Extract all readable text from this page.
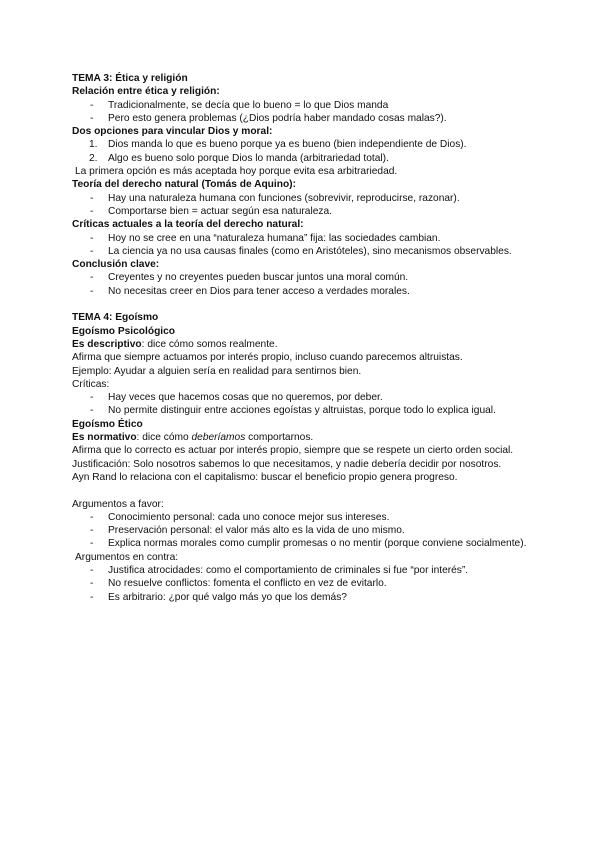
TEMA 3: Ética y religión

Relación entre ética y religión:

- Tradicionalmente, se decía que lo bueno = lo que Dios manda
- Pero esto genera problemas (¿Dios podría haber mandado cosas malas?).

Dos opciones para vincular Dios y moral:

1. Dios manda lo que es bueno porque ya es bueno (bien independiente de Dios).
2. Algo es bueno solo porque Dios lo manda (arbitrariedad total).

La primera opción es más aceptada hoy porque evita esa arbitrariedad.

Teoría del derecho natural (Tomás de Aquino):

- Hay una naturaleza humana con funciones (sobrevivir, reproducirse, razonar).
- Comportarse bien = actuar según esa naturaleza.

Críticas actuales a la teoría del derecho natural:

- Hoy no se cree en una “naturaleza humana” fija: las sociedades cambian.
- La ciencia ya no usa causas finales (como en Aristóteles), sino mecanismos observables.

Conclusión clave:

- Creyentes y no creyentes pueden buscar juntos una moral común.
- No necesitas creer en Dios para tener acceso a verdades morales.

TEMA 4: Egoísmo

Egoísmo Psicológico

Es descriptivo: dice cómo somos realmente.

Afirma que siempre actuamos por interés propio, incluso cuando parecemos altruistas.

Ejemplo: Ayudar a alguien sería en realidad para sentirnos bien.

Críticas:

- Hay veces que hacemos cosas que no queremos, por deber.
- No permite distinguir entre acciones egoístas y altruistas, porque todo lo explica igual.

Egoísmo Ético

Es normativo: dice cómo deberíamos comportarnos.

Afirma que lo correcto es actuar por interés propio, siempre que se respete un cierto orden social.

Justificación: Solo nosotros sabemos lo que necesitamos, y nadie debería decidir por nosotros.

Ayn Rand lo relaciona con el capitalismo: buscar el beneficio propio genera progreso.

Argumentos a favor:

- Conocimiento personal: cada uno conoce mejor sus intereses.
- Preservación personal: el valor más alto es la vida de uno mismo.
- Explica normas morales como cumplir promesas o no mentir (porque conviene socialmente).

Argumentos en contra:

- Justifica atrocidades: como el comportamiento de criminales si fue “por interés”.
- No resuelve conflictos: fomenta el conflicto en vez de evitarlo.
- Es arbitrario: ¿por qué valgo más yo que los demás?
